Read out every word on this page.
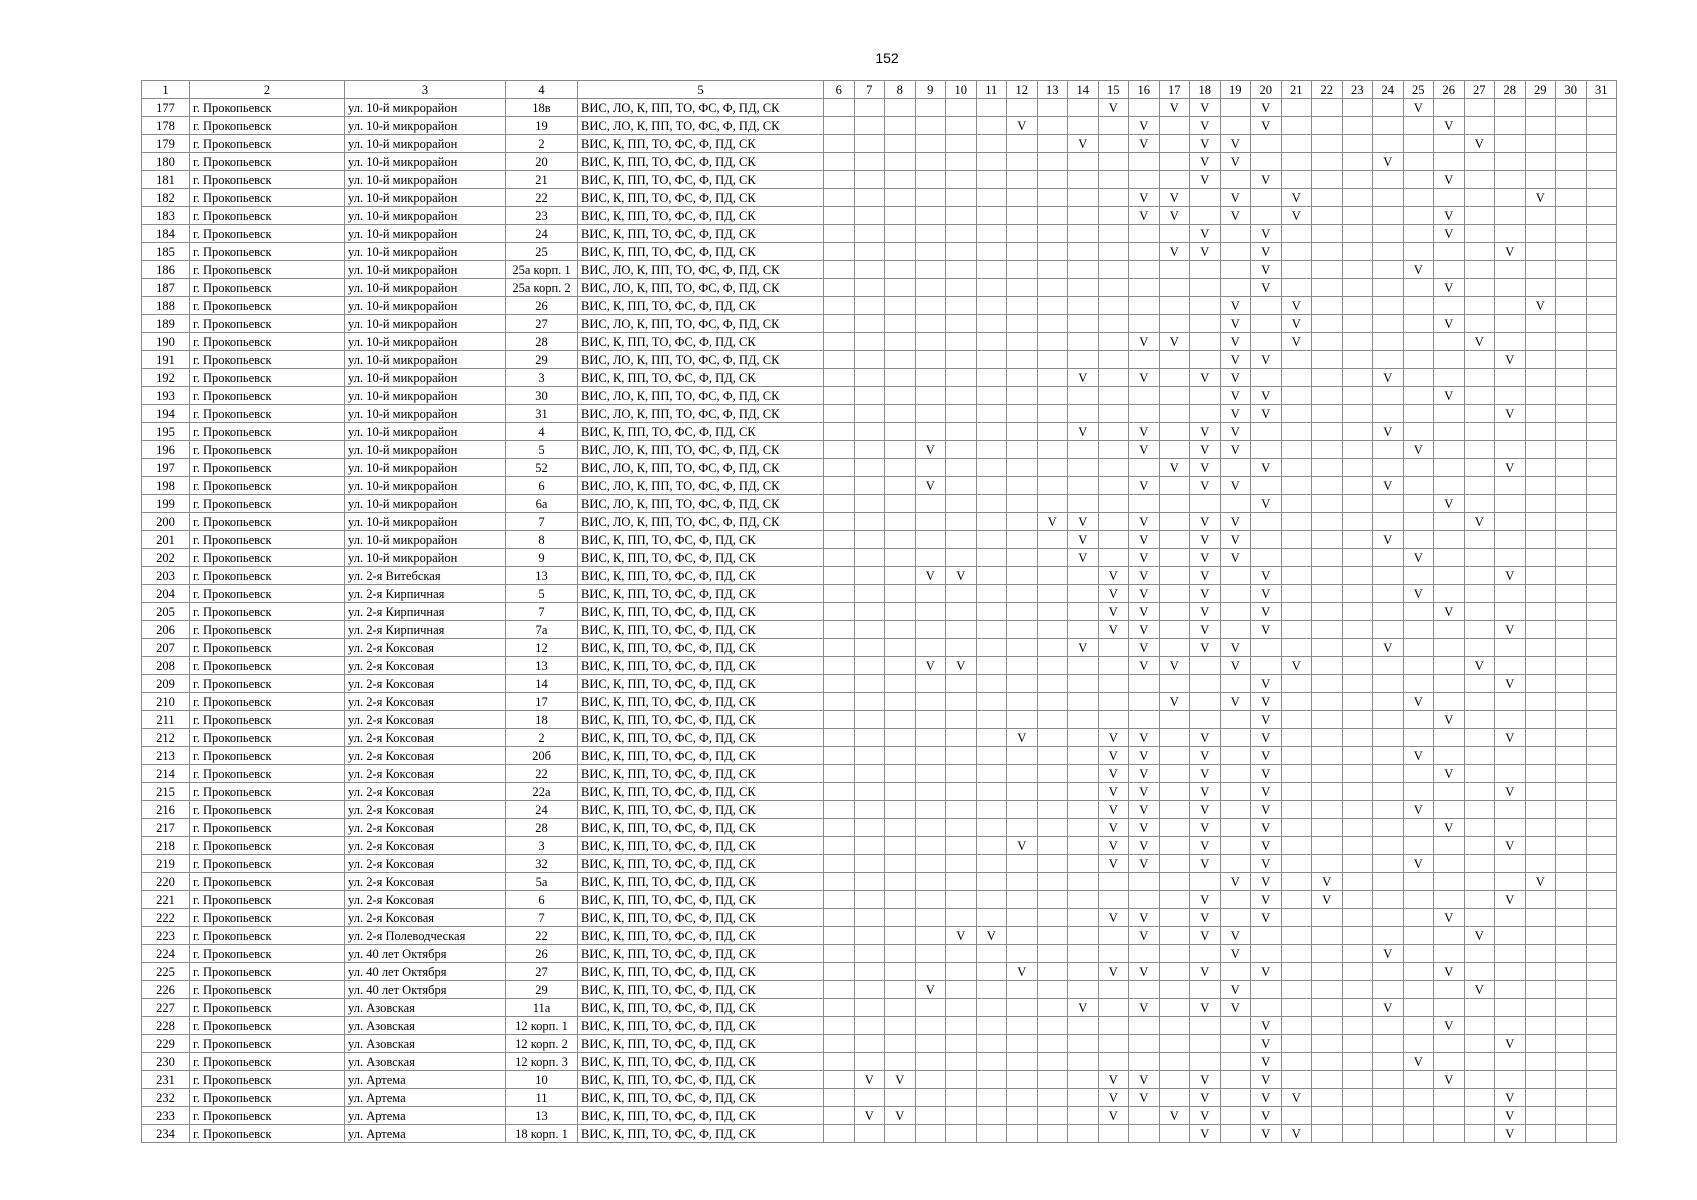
152
1	2	3	4	5	6	7	8	9	10	11	12	13	14	15	16	17	18	19	20	21	22	23	24	25	26	27	28	29	30	31
177	г. Прокопьевск	ул. 10-й микрорайон	18в	ВИС, ЛО, К, ПП, ТО, ФС, Ф, ПД, СК										V		V	V		V					V						
178	г. Прокопьевск	ул. 10-й микрорайон	19	ВИС, ЛО, К, ПП, ТО, ФС, Ф, ПД, СК							V				V		V		V						V					
179	г. Прокопьевск	ул. 10-й микрорайон	2	ВИС, К, ПП, ТО, ФС, Ф, ПД, СК									V		V		V	V								V				
180	г. Прокопьевск	ул. 10-й микрорайон	20	ВИС, К, ПП, ТО, ФС, Ф, ПД, СК													V	V					V							
181	г. Прокопьевск	ул. 10-й микрорайон	21	ВИС, К, ПП, ТО, ФС, Ф, ПД, СК													V		V						V					
182	г. Прокопьевск	ул. 10-й микрорайон	22	ВИС, К, ПП, ТО, ФС, Ф, ПД, СК											V	V		V		V								V		
183	г. Прокопьевск	ул. 10-й микрорайон	23	ВИС, К, ПП, ТО, ФС, Ф, ПД, СК											V	V		V		V					V					
184	г. Прокопьевск	ул. 10-й микрорайон	24	ВИС, К, ПП, ТО, ФС, Ф, ПД, СК													V		V						V					
185	г. Прокопьевск	ул. 10-й микрорайон	25	ВИС, К, ПП, ТО, ФС, Ф, ПД, СК												V	V		V								V			
186	г. Прокопьевск	ул. 10-й микрорайон	25а корп. 1	ВИС, ЛО, К, ПП, ТО, ФС, Ф, ПД, СК															V					V						
187	г. Прокопьевск	ул. 10-й микрорайон	25а корп. 2	ВИС, ЛО, К, ПП, ТО, ФС, Ф, ПД, СК															V						V					
188	г. Прокопьевск	ул. 10-й микрорайон	26	ВИС, К, ПП, ТО, ФС, Ф, ПД, СК														V		V								V		
189	г. Прокопьевск	ул. 10-й микрорайон	27	ВИС, ЛО, К, ПП, ТО, ФС, Ф, ПД, СК														V		V					V					
190	г. Прокопьевск	ул. 10-й микрорайон	28	ВИС, К, ПП, ТО, ФС, Ф, ПД, СК											V	V		V		V						V				
191	г. Прокопьевск	ул. 10-й микрорайон	29	ВИС, ЛО, К, ПП, ТО, ФС, Ф, ПД, СК														V	V								V			
192	г. Прокопьевск	ул. 10-й микрорайон	3	ВИС, К, ПП, ТО, ФС, Ф, ПД, СК									V		V		V	V					V							
193	г. Прокопьевск	ул. 10-й микрорайон	30	ВИС, ЛО, К, ПП, ТО, ФС, Ф, ПД, СК														V	V						V					
194	г. Прокопьевск	ул. 10-й микрорайон	31	ВИС, ЛО, К, ПП, ТО, ФС, Ф, ПД, СК														V	V								V			
195	г. Прокопьевск	ул. 10-й микрорайон	4	ВИС, К, ПП, ТО, ФС, Ф, ПД, СК									V		V		V	V					V							
196	г. Прокопьевск	ул. 10-й микрорайон	5	ВИС, ЛО, К, ПП, ТО, ФС, Ф, ПД, СК				V							V		V	V						V						
197	г. Прокопьевск	ул. 10-й микрорайон	52	ВИС, ЛО, К, ПП, ТО, ФС, Ф, ПД, СК												V	V		V								V			
198	г. Прокопьевск	ул. 10-й микрорайон	6	ВИС, ЛО, К, ПП, ТО, ФС, Ф, ПД, СК				V							V		V	V					V							
199	г. Прокопьевск	ул. 10-й микрорайон	6а	ВИС, ЛО, К, ПП, ТО, ФС, Ф, ПД, СК															V						V					
200	г. Прокопьевск	ул. 10-й микрорайон	7	ВИС, ЛО, К, ПП, ТО, ФС, Ф, ПД, СК								V	V		V		V	V								V				
201	г. Прокопьевск	ул. 10-й микрорайон	8	ВИС, К, ПП, ТО, ФС, Ф, ПД, СК									V		V		V	V					V							
202	г. Прокопьевск	ул. 10-й микрорайон	9	ВИС, К, ПП, ТО, ФС, Ф, ПД, СК									V		V		V	V						V						
203	г. Прокопьевск	ул. 2-я Витебская	13	ВИС, К, ПП, ТО, ФС, Ф, ПД, СК				V	V					V	V		V		V								V			
204	г. Прокопьевск	ул. 2-я Кирпичная	5	ВИС, К, ПП, ТО, ФС, Ф, ПД, СК										V	V		V		V					V						
205	г. Прокопьевск	ул. 2-я Кирпичная	7	ВИС, К, ПП, ТО, ФС, Ф, ПД, СК										V	V		V		V						V					
206	г. Прокопьевск	ул. 2-я Кирпичная	7а	ВИС, К, ПП, ТО, ФС, Ф, ПД, СК										V	V		V		V								V			
207	г. Прокопьевск	ул. 2-я Коксовая	12	ВИС, К, ПП, ТО, ФС, Ф, ПД, СК									V		V		V	V					V							
208	г. Прокопьевск	ул. 2-я Коксовая	13	ВИС, К, ПП, ТО, ФС, Ф, ПД, СК				V	V						V	V		V		V						V				
209	г. Прокопьевск	ул. 2-я Коксовая	14	ВИС, К, ПП, ТО, ФС, Ф, ПД, СК															V								V			
210	г. Прокопьевск	ул. 2-я Коксовая	17	ВИС, К, ПП, ТО, ФС, Ф, ПД, СК												V		V	V					V						
211	г. Прокопьевск	ул. 2-я Коксовая	18	ВИС, К, ПП, ТО, ФС, Ф, ПД, СК															V						V					
212	г. Прокопьевск	ул. 2-я Коксовая	2	ВИС, К, ПП, ТО, ФС, Ф, ПД, СК							V			V	V		V		V								V			
213	г. Прокопьевск	ул. 2-я Коксовая	20б	ВИС, К, ПП, ТО, ФС, Ф, ПД, СК										V	V		V		V					V						
214	г. Прокопьевск	ул. 2-я Коксовая	22	ВИС, К, ПП, ТО, ФС, Ф, ПД, СК										V	V		V		V						V					
215	г. Прокопьевск	ул. 2-я Коксовая	22а	ВИС, К, ПП, ТО, ФС, Ф, ПД, СК										V	V		V		V								V			
216	г. Прокопьевск	ул. 2-я Коксовая	24	ВИС, К, ПП, ТО, ФС, Ф, ПД, СК										V	V		V		V					V						
217	г. Прокопьевск	ул. 2-я Коксовая	28	ВИС, К, ПП, ТО, ФС, Ф, ПД, СК										V	V		V		V						V					
218	г. Прокопьевск	ул. 2-я Коксовая	3	ВИС, К, ПП, ТО, ФС, Ф, ПД, СК							V			V	V		V		V								V			
219	г. Прокопьевск	ул. 2-я Коксовая	32	ВИС, К, ПП, ТО, ФС, Ф, ПД, СК										V	V		V		V					V						
220	г. Прокопьевск	ул. 2-я Коксовая	5а	ВИС, К, ПП, ТО, ФС, Ф, ПД, СК														V	V		V							V		
221	г. Прокопьевск	ул. 2-я Коксовая	6	ВИС, К, ПП, ТО, ФС, Ф, ПД, СК													V		V		V						V			
222	г. Прокопьевск	ул. 2-я Коксовая	7	ВИС, К, ПП, ТО, ФС, Ф, ПД, СК										V	V		V		V						V					
223	г. Прокопьевск	ул. 2-я Полеводческая	22	ВИС, К, ПП, ТО, ФС, Ф, ПД, СК					V	V					V		V	V								V				
224	г. Прокопьевск	ул. 40 лет Октября	26	ВИС, К, ПП, ТО, ФС, Ф, ПД, СК														V					V							
225	г. Прокопьевск	ул. 40 лет Октября	27	ВИС, К, ПП, ТО, ФС, Ф, ПД, СК							V			V	V		V		V						V					
226	г. Прокопьевск	ул. 40 лет Октября	29	ВИС, К, ПП, ТО, ФС, Ф, ПД, СК				V										V								V				
227	г. Прокопьевск	ул. Азовская	11а	ВИС, К, ПП, ТО, ФС, Ф, ПД, СК									V		V		V	V					V							
228	г. Прокопьевск	ул. Азовская	12 корп. 1	ВИС, К, ПП, ТО, ФС, Ф, ПД, СК															V						V					
229	г. Прокопьевск	ул. Азовская	12 корп. 2	ВИС, К, ПП, ТО, ФС, Ф, ПД, СК															V								V			
230	г. Прокопьевск	ул. Азовская	12 корп. 3	ВИС, К, ПП, ТО, ФС, Ф, ПД, СК															V					V						
231	г. Прокопьевск	ул. Артема	10	ВИС, К, ПП, ТО, ФС, Ф, ПД, СК		V	V							V	V		V		V						V					
232	г. Прокопьевск	ул. Артема	11	ВИС, К, ПП, ТО, ФС, Ф, ПД, СК										V	V		V		V	V							V			
233	г. Прокопьевск	ул. Артема	13	ВИС, К, ПП, ТО, ФС, Ф, ПД, СК		V	V							V		V	V		V								V			
234	г. Прокопьевск	ул. Артема	18 корп. 1	ВИС, К, ПП, ТО, ФС, Ф, ПД, СК													V		V	V							V			
